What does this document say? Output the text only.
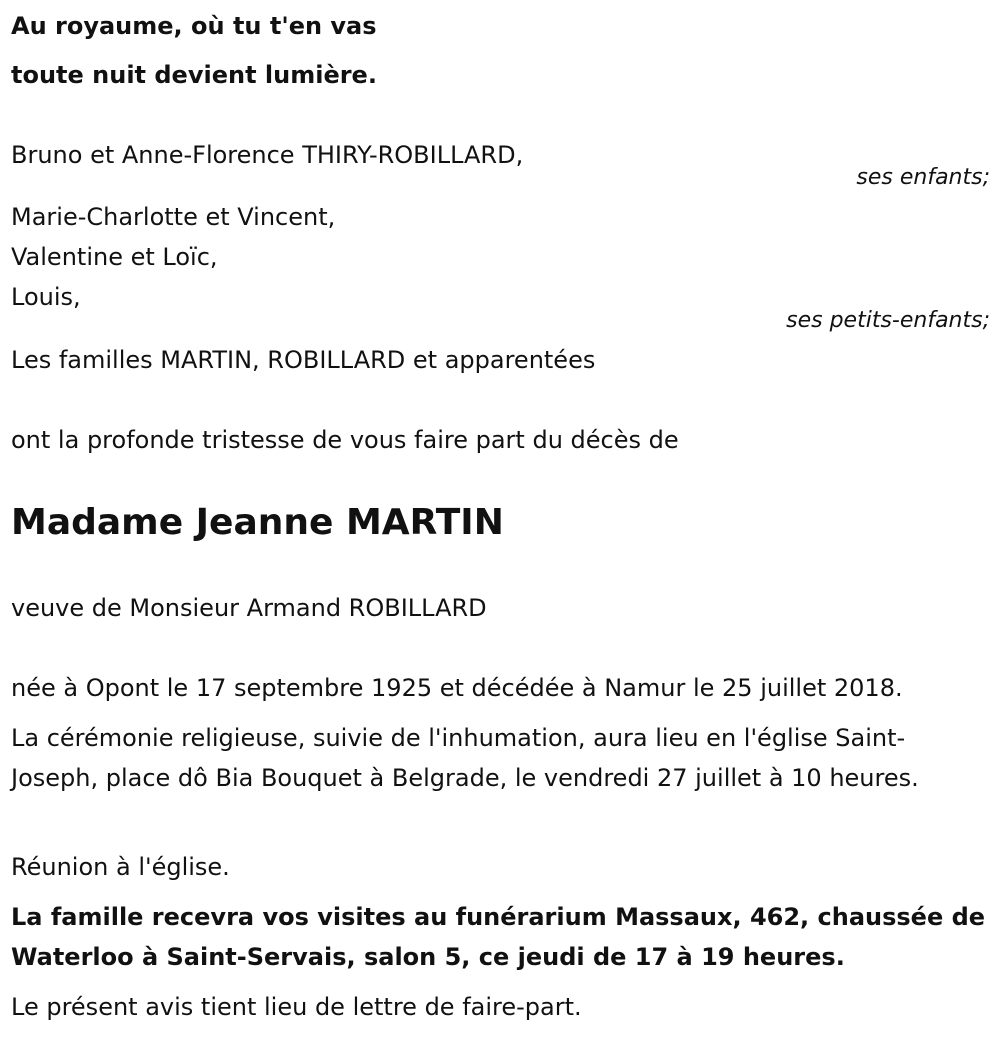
Au royaume, où tu t'en vas
toute nuit devient lumière.
Bruno et Anne-Florence THIRY-ROBILLARD,
ses enfants;
Marie-Charlotte et Vincent,
Valentine et Loïc,
Louis,
ses petits-enfants;
Les familles MARTIN, ROBILLARD et apparentées
ont la profonde tristesse de vous faire part du décès de
Madame Jeanne MARTIN
veuve de Monsieur Armand ROBILLARD
née à Opont le 17 septembre 1925 et décédée à Namur le 25 juillet 2018.
La cérémonie religieuse, suivie de l'inhumation, aura lieu en l'église Saint-Joseph, place dô Bia Bouquet à Belgrade, le vendredi 27 juillet à 10 heures.
Réunion à l'église.
La famille recevra vos visites au funérarium Massaux, 462, chaussée de Waterloo à Saint-Servais, salon 5, ce jeudi de 17 à 19 heures.
Le présent avis tient lieu de lettre de faire-part.
